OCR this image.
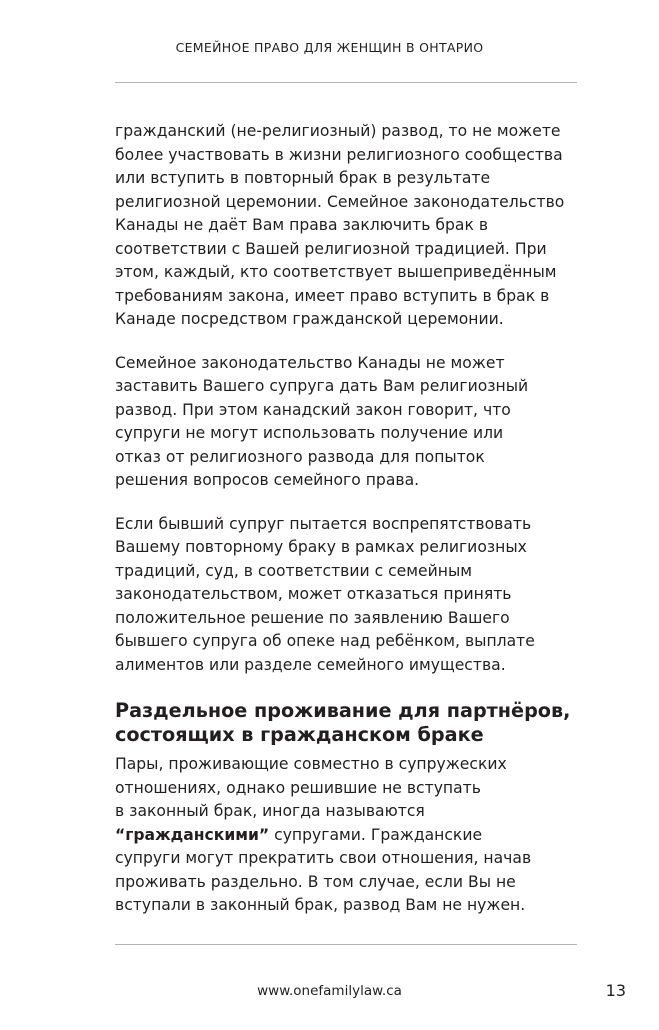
СЕМЕЙНОЕ ПРАВО ДЛЯ ЖЕНЩИН В ОНТАРИО

гражданский (не-религиозный) развод, то не можете
более участвовать в жизни религиозного сообщества
или вступить в повторный брак в результате
религиозной церемонии. Семейное законодательство
Канады не даёт Вам права заключить брак в
соответствии с Вашей религиозной традицией. При
этом, каждый, кто соответствует вышеприведённым
требованиям закона, имеет право вступить в брак в
Канаде посредством гражданской церемонии.

Семейное законодательство Канады не может
заставить Вашего супруга дать Вам религиозный
развод. При этом канадский закон говорит, что
супруги не могут использовать получение или
отказ от религиозного развода для попыток
решения вопросов семейного права.

Если бывший супруг пытается воспрепятствовать
Вашему повторному браку в рамках религиозных
традиций, суд, в соответствии с семейным
законодательством, может отказаться принять
положительное решение по заявлению Вашего
бывшего супруга об опеке над ребёнком, выплате
алиментов или разделе семейного имущества.

Раздельное проживание для партнёров,
состоящих в гражданском браке

Пары, проживающие совместно в супружеских
отношениях, однако решившие не вступать
в законный брак, иногда называются
“гражданскими” супругами. Гражданские
супруги могут прекратить свои отношения, начав
проживать раздельно. В том случае, если Вы не
вступали в законный брак, развод Вам не нужен.

www.onefamilylaw.ca	13
